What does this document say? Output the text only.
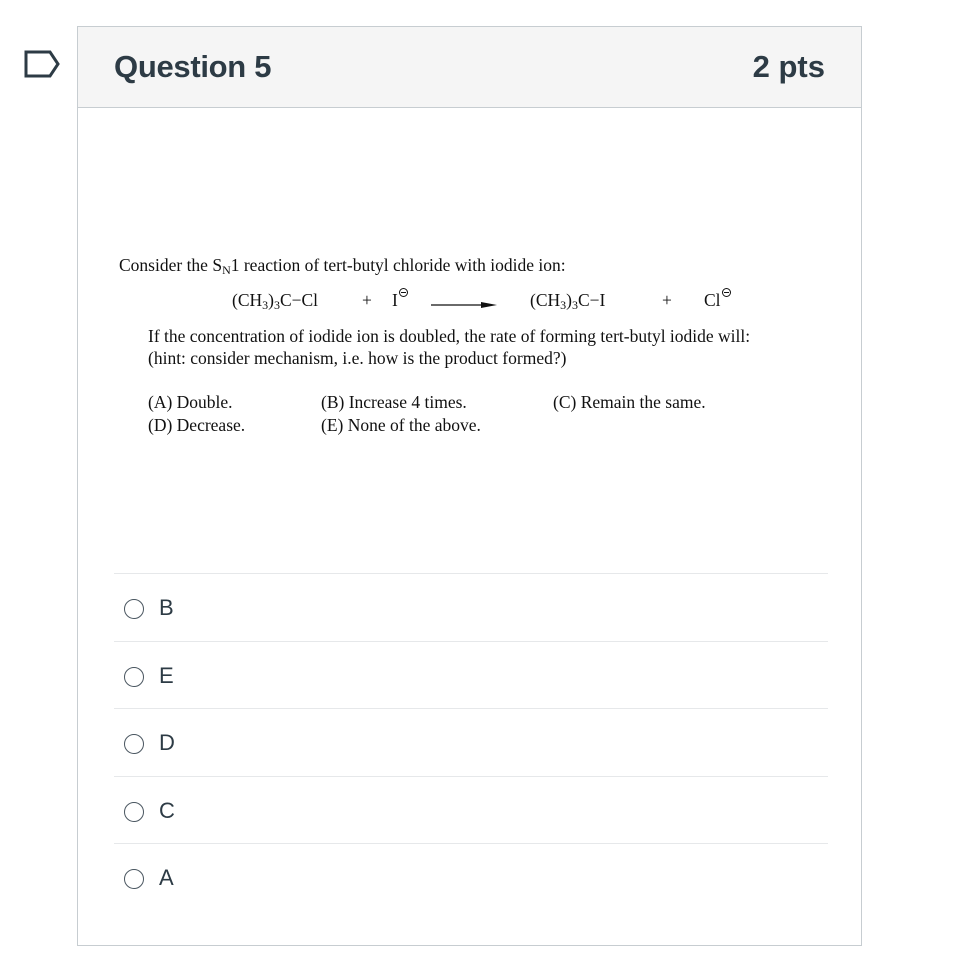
Question 5	2 pts
Consider the SN1 reaction of tert-butyl chloride with iodide ion:
(CH3)3C−Cl	+ I	(CH3)3C−I	+ Cl
If the concentration of iodide ion is doubled, the rate of forming tert-butyl iodide will:
(hint: consider mechanism, i.e. how is the product formed?)
(A) Double.	(B) Increase 4 times.	(C) Remain the same.
(D) Decrease.	(E) None of the above.
B
E
D
C
A
